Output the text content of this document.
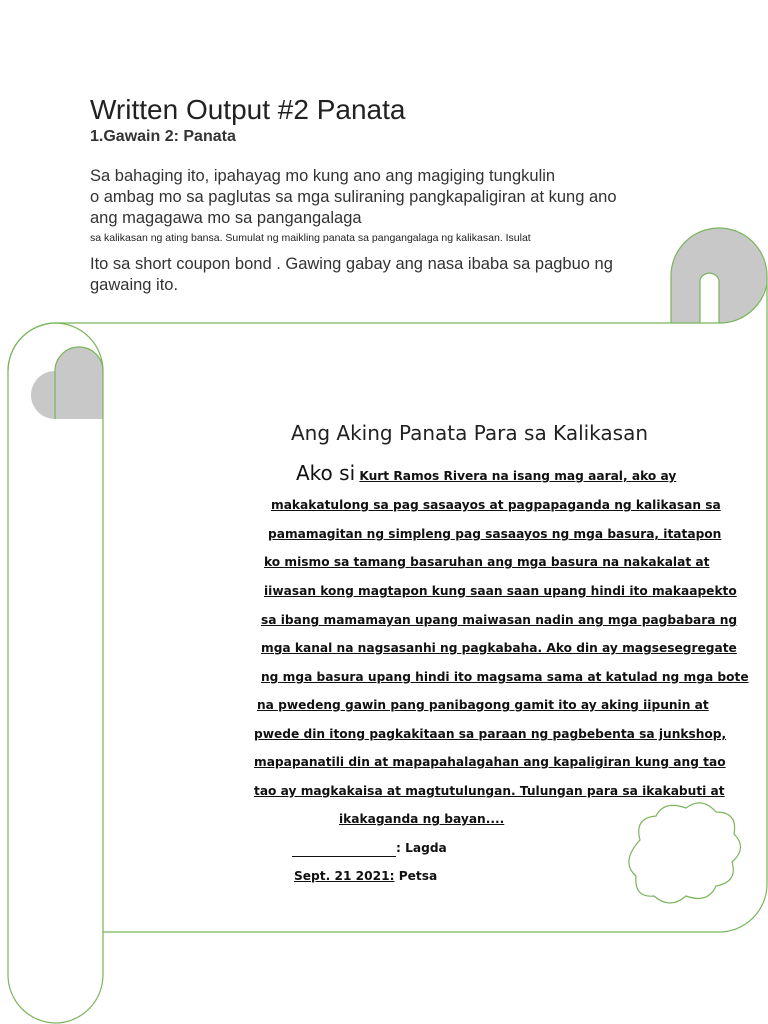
Written Output #2 Panata
1.Gawain 2: Panata
Sa bahaging ito, ipahayag mo kung ano ang magiging tungkulin
o ambag mo sa paglutas sa mga suliraning pangkapaligiran at kung ano
ang magagawa mo sa pangangalaga
sa kalikasan ng ating bansa. Sumulat ng maikling panata sa pangangalaga ng kalikasan. Isulat
Ito sa short coupon bond . Gawing gabay ang nasa ibaba sa pagbuo ng
gawaing ito.
Ang Aking Panata Para sa Kalikasan
Ako si Kurt Ramos Rivera na isang mag aaral, ako ay
makakatulong sa pag sasaayos at pagpapaganda ng kalikasan sa
pamamagitan ng simpleng pag sasaayos ng mga basura, itatapon
ko mismo sa tamang basaruhan ang mga basura na nakakalat at
iiwasan kong magtapon kung saan saan upang hindi ito makaapekto
sa ibang mamamayan upang maiwasan nadin ang mga pagbabara ng
mga kanal na nagsasanhi ng pagkabaha. Ako din ay magsesegregate
ng mga basura upang hindi ito magsama sama at katulad ng mga bote
na pwedeng gawin pang panibagong gamit ito ay aking iipunin at
pwede din itong pagkakitaan sa paraan ng pagbebenta sa junkshop,
mapapanatili din at mapapahalagahan ang kapaligiran kung ang tao
tao ay magkakaisa at magtutulungan. Tulungan para sa ikakabuti at
ikakaganda ng bayan....
: Lagda
Sept. 21 2021: Petsa
